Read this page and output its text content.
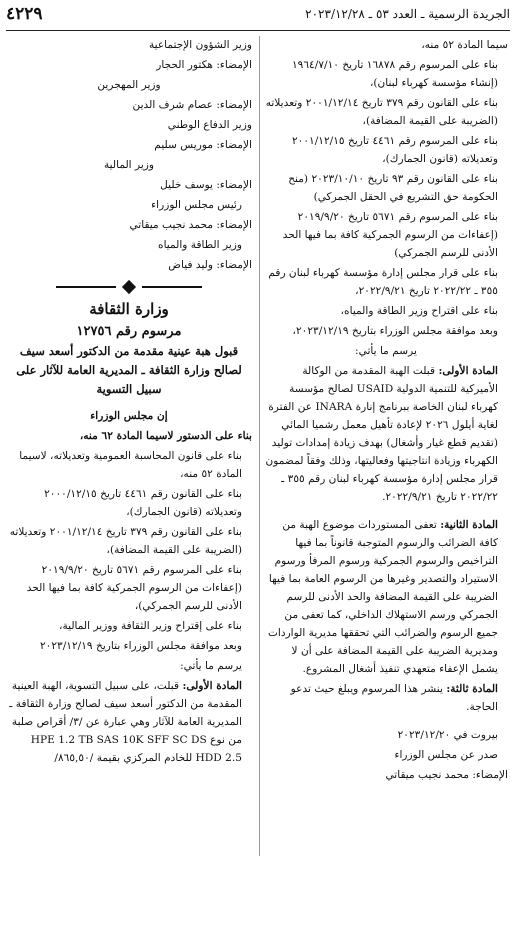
الجريدة الرسمية ـ العدد ٥٣ ـ ٢٠٢٣/١٢/٢٨
٤٢٢٩

سيما المادة ٥٢ منه،

بناء على المرسوم رقم ١٦٨٧٨ تاريخ ١٩٦٤/٧/١٠ (إنشاء مؤسسة كهرباء لبنان)،

بناء على القانون رقم ٣٧٩ تاريخ ٢٠٠١/١٢/١٤ وتعديلاته (الضريبة على القيمة المضافة)،

بناء على المرسوم رقم ٤٤٦١ تاريخ ٢٠٠١/١٢/١٥ وتعديلاته (قانون الجمارك)،

بناء على القانون رقم ٩٣ تاريخ ٢٠٢٣/١٠/١٠ (منح الحكومة حق التشريع في الحقل الجمركي)

بناء على المرسوم رقم ٥٦٧١ تاريخ ٢٠١٩/٩/٢٠ (إعفاءات من الرسوم الجمركية كافة بما فيها الحد الأدنى للرسم الجمركي)

بناء على قرار مجلس إدارة مؤسسة كهرباء لبنان رقم ٣٥٥ ـ ٢٠٢٢/٢٢ تاريخ ٢٠٢٢/٩/٢١،

بناء على اقتراح وزير الطاقة والمياه،

وبعد موافقة مجلس الوزراء بتاريخ ٢٠٢٣/١٢/١٩،

يرسم ما يأتي:

المادة الأولى: قبلت الهبة المقدمة من الوكالة الأميركية للتنمية الدولية USAID لصالح مؤسسة كهرباء لبنان الخاصة ببرنامج إنارة INARA عن الفترة لغاية أيلول ٢٠٢٦ لإعادة تأهيل معمل رشميا المائي (تقديم قطع غيار وأشغال) بهدف زيادة إمدادات توليد الكهرباء وزيادة انتاجيتها وفعاليتها، وذلك وفقاً لمضمون قرار مجلس إدارة مؤسسة كهرباء لبنان رقم ٣٥٥ ـ ٢٠٢٢/٢٢ تاريخ ٢٠٢٢/٩/٢١.

المادة الثانية: تعفى المستوردات موضوع الهبة من كافة الضرائب والرسوم المتوجبة قانوناً بما فيها التراخيص والرسوم الجمركية ورسوم المرفأ ورسوم الاستيراد والتصدير وغيرها من الرسوم العامة بما فيها الضريبة على القيمة المضافة والحد الأدنى للرسم الجمركي ورسم الاستهلاك الداخلي، كما تعفى من جميع الرسوم والضرائب التي تحققها مديرية الواردات ومديرية الضريبة على القيمة المضافة على أن لا يشمل الإعفاء متعهدي تنفيذ أشغال المشروع.

المادة ثالثة: ينشر هذا المرسوم ويبلغ حيث تدعو الحاجة.

بيروت في ٢٠٢٣/١٢/٢٠

صدر عن مجلس الوزراء

الإمضاء: محمد نجيب ميقاتي

وزير الشؤون الإجتماعية

الإمضاء: هكتور الحجار

وزير المهجرين

الإمضاء: عصام شرف الدين

وزير الدفاع الوطني

الإمضاء: موريس سليم

وزير المالية

الإمضاء: يوسف خليل

رئيس مجلس الوزراء

الإمضاء: محمد نجيب ميقاتي

وزير الطاقة والمياه

الإمضاء: وليد فياض

وزارة الثقافة
مرسوم رقم ١٢٧٥٦
قبول هبة عينية مقدمة من الدكتور أسعد سيف لصالح وزارة الثقافة ـ المديرية العامة للآثار على سبيل التسوية

إن مجلس الوزراء

بناء على الدستور لاسيما المادة ٦٢ منه،

بناء على قانون المحاسبة العمومية وتعديلاته، لاسيما المادة ٥٢ منه،

بناء على القانون رقم ٤٤٦١ تاريخ ٢٠٠٠/١٢/١٥ وتعديلاته (قانون الجمارك)،

بناء على القانون رقم ٣٧٩ تاريخ ٢٠٠١/١٢/١٤ وتعديلاته (الضريبة على القيمة المضافة)،

بناء على المرسوم رقم ٥٦٧١ تاريخ ٢٠١٩/٩/٢٠ (إعفاءات من الرسوم الجمركية كافة بما فيها الحد الأدنى للرسم الجمركي)،

بناء على إقتراح وزير الثقافة ووزير المالية،

وبعد موافقة مجلس الوزراء بتاريخ ٢٠٢٣/١٢/١٩

يرسم ما يأتي:

المادة الأولى: قبلت، على سبيل التسوية، الهبة العينية المقدمة من الدكتور أسعد سيف لصالح وزارة الثقافة ـ المديرية العامة للآثار وهي عبارة عن /٣/ أقراص صلبة من نوع HPE 1.2 TB SAS 10K SFF SC DS HDD 2.5 للخادم المركزي بقيمة /٨٦٥,٥٠/
